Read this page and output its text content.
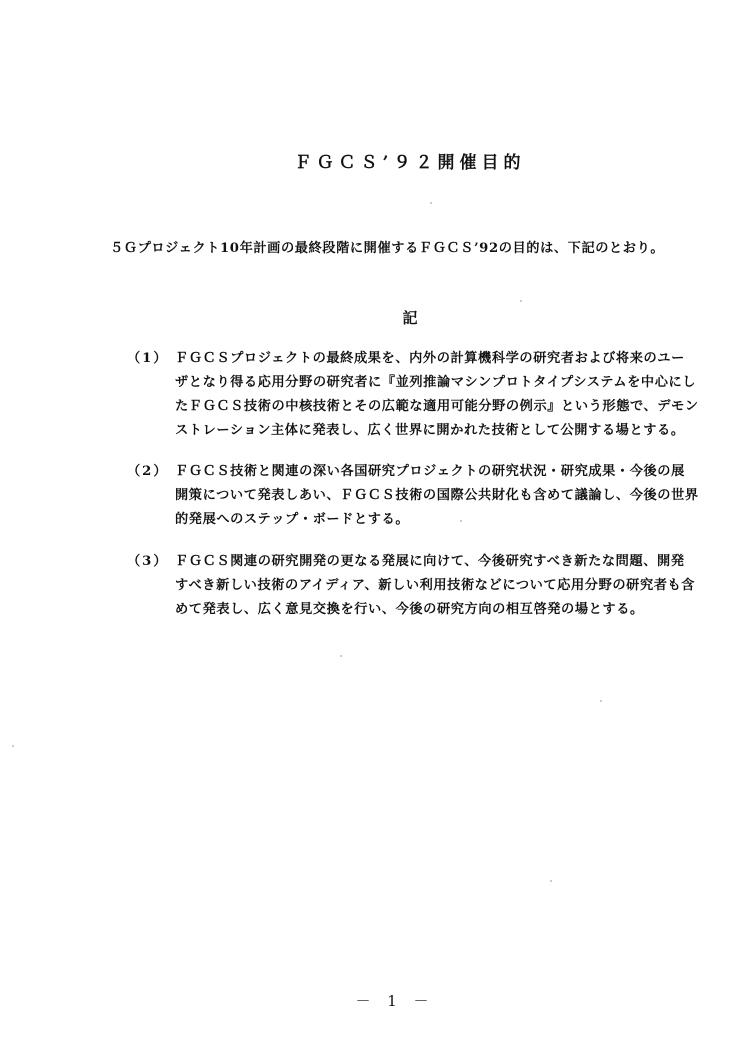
ＦＧＣＳ’９２開催目的
５Ｇプロジェクト10年計画の最終段階に開催するＦＧＣＳ’92の目的は、下記のとおり。
記
（1） ＦＧＣＳプロジェクトの最終成果を、内外の計算機科学の研究者および将来のユー
ザとなり得る応用分野の研究者に『並列推論マシンプロトタイプシステムを中心にし
たＦＧＣＳ技術の中核技術とその広範な適用可能分野の例示』という形態で、デモン
ストレーション主体に発表し、広く世界に開かれた技術として公開する場とする。
（2） ＦＧＣＳ技術と関連の深い各国研究プロジェクトの研究状況・研究成果・今後の展
開策について発表しあい、ＦＧＣＳ技術の国際公共財化も含めて議論し、今後の世界
的発展へのステップ・ボードとする。
（3） ＦＧＣＳ関連の研究開発の更なる発展に向けて、今後研究すべき新たな問題、開発
すべき新しい技術のアイディア、新しい利用技術などについて応用分野の研究者も含
めて発表し、広く意見交換を行い、今後の研究方向の相互啓発の場とする。
－ 1 －
